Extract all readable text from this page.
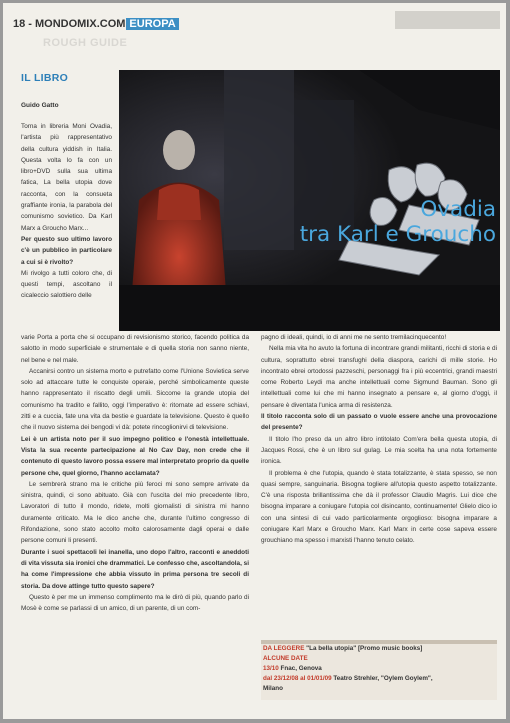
ROUGH GUIDE
18 - MONDOMIX.COM EUROPA
IL LIBRO
Guido Gatto
Ovadia
tra Karl e Groucho

Torna in libreria Moni Ovadia, l'artista più rappresentativo della cultura yiddish in Italia. Questa volta lo fa con un libro+DVD sulla sua ultima fatica, La bella utopia dove racconta, con la consueta graffiante ironia, la parabola del comunismo sovietico. Da Karl Marx a Groucho Marx...

Per questo suo ultimo lavoro c'è un pubblico in particolare a cui si è rivolto?

Mi rivolgo a tutti coloro che, di questi tempi, ascoltano il cicaleccio salottiero delle

varie Porta a porta che si occupano di revisionismo storico, facendo politica da salotto in modo superficiale e strumentale e di quella storia non sanno niente, nel bene e nel male.

Accanirsi contro un sistema morto e putrefatto come l'Unione Sovietica serve solo ad attaccare tutte le conquiste operaie, perché simbolicamente queste hanno rappresentato il riscatto degli umili. Siccome la grande utopia del comunismo ha tradito e fallito, oggi l'imperativo è: ritornate ad essere schiavi, zitti e a cuccia, fate una vita da bestie e guardate la televisione. Questo è quello che il nuovo sistema dei bengodi vi dà: potete rincoglionirvi di televisione.

Lei è un artista noto per il suo impegno politico e l'onestà intellettuale. Vista la sua recente partecipazione al No Cav Day, non crede che il contenuto di questo lavoro possa essere mal interpretato proprio da quelle persone che, quel giorno, l'hanno acclamata?

Le sembrerà strano ma le critiche più feroci mi sono sempre arrivate da sinistra, quindi, ci sono abituato. Già con l'uscita del mio precedente libro, Lavoratori di tutto il mondo, ridete, molti giornalisti di sinistra mi hanno duramente criticato. Ma le dico anche che, durante l'ultimo congresso di Rifondazione, sono stato accolto molto calorosamente dagli operai e dalle persone comuni li presenti.

Durante i suoi spettacoli lei inanella, uno dopo l'altro, racconti e aneddoti di vita vissuta sia ironici che drammatici. Le confesso che, ascoltandola, si ha come l'impressione che abbia vissuto in prima persona tre secoli di storia. Da dove attinge tutto questo sapere?

Questo è per me un immenso complimento ma le dirò di più, quando parlo di Mosè è come se parlassi di un amico, di un parente, di un com-

pagno di ideali, quindi, io di anni me ne sento tremilacinquecento!

Nella mia vita ho avuto la fortuna di incontrare grandi militanti, ricchi di storia e di cultura, soprattutto ebrei transfughi della diaspora, carichi di mille storie. Ho incontrato ebrei ortodossi pazzeschi, personaggi fra i più eccentrici, grandi maestri come Roberto Leydi ma anche intellettuali come Sigmund Bauman. Sono gli intellettuali come lui che mi hanno insegnato a pensare e, al giorno d'oggi, il pensare è diventata l'unica arma di resistenza.

Il titolo racconta solo di un passato o vuole essere anche una provocazione del presente?

Il titolo l'ho preso da un altro libro intitolato Com'era bella questa utopia, di Jacques Rossi, che è un libro sul gulag. Le mia scelta ha una nota fortemente ironica.

Il problema è che l'utopia, quando è stata totalizzante, è stata spesso, se non quasi sempre, sanguinaria. Bisogna togliere all'utopia questo aspetto totalizzante. C'è una risposta brillantissima che dà il professor Claudio Magris. Lui dice che bisogna imparare a coniugare l'utopia col disincanto, continuamente! Glielo dico io con una sintesi di cui vado particolarmente orgoglioso: bisogna imparare a coniugare Karl Marx e Groucho Marx. Karl Marx in certe cose sapeva essere grouchiano ma spesso i marxisti l'hanno tenuto celato.

DA LEGGERE "La bella utopia" [Promo music books]
ALCUNE DATE
13/10 Fnac, Genova
dal 23/12/08 al 01/01/09 Teatro Strehler, "Oylem Goylem",
Milano
